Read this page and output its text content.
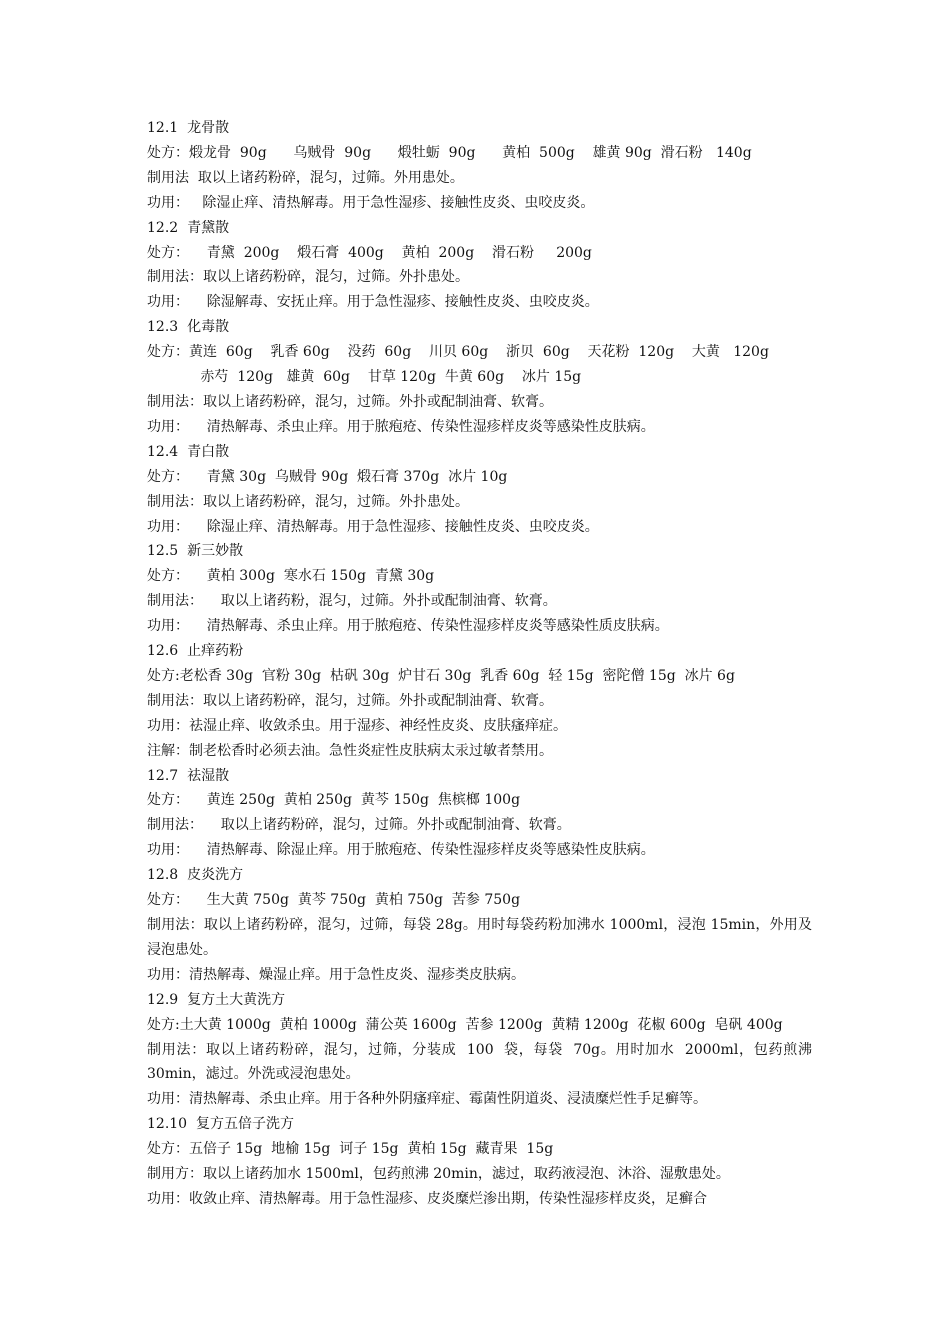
12.1  龙骨散
处方：煅龙骨  90g      乌贼骨  90g      煅牡蛎  90g      黄柏  500g    雄黄 90g  滑石粉   140g
制用法  取以上诸药粉碎，混匀，过筛。外用患处。
功用：   除湿止痒、清热解毒。用于急性湿疹、接触性皮炎、虫咬皮炎。
12.2  青黛散
处方：    青黛  200g    煅石膏  400g    黄柏  200g    滑石粉     200g
制用法：取以上诸药粉碎，混匀，过筛。外扑患处。
功用：    除湿解毒、安抚止痒。用于急性湿疹、接触性皮炎、虫咬皮炎。
12.3  化毒散
处方：黄连  60g    乳香 60g    没药  60g    川贝 60g    浙贝  60g    天花粉  120g    大黄   120g
赤芍  120g   雄黄  60g    甘草 120g  牛黄 60g    冰片 15g
制用法：取以上诸药粉碎，混匀，过筛。外扑或配制油膏、软膏。
功用：    清热解毒、杀虫止痒。用于脓疱疮、传染性湿疹样皮炎等感染性皮肤病。
12.4  青白散
处方：    青黛 30g  乌贼骨 90g  煅石膏 370g  冰片 10g
制用法：取以上诸药粉碎，混匀，过筛。外扑患处。
功用：    除湿止痒、清热解毒。用于急性湿疹、接触性皮炎、虫咬皮炎。
12.5  新三妙散
处方：    黄柏 300g  寒水石 150g  青黛 30g
制用法：    取以上诸药粉，混匀，过筛。外扑或配制油膏、软膏。
功用：    清热解毒、杀虫止痒。用于脓疱疮、传染性湿疹样皮炎等感染性质皮肤病。
12.6  止痒药粉
处方:老松香 30g  官粉 30g  枯矾 30g  炉甘石 30g  乳香 60g  轻 15g  密陀僧 15g  冰片 6g
制用法：取以上诸药粉碎，混匀，过筛。外扑或配制油膏、软膏。
功用：祛湿止痒、收敛杀虫。用于湿疹、神经性皮炎、皮肤瘙痒症。
注解：制老松香时必须去油。急性炎症性皮肤病太汞过敏者禁用。
12.7  祛湿散
处方：    黄连 250g  黄柏 250g  黄芩 150g  焦槟榔 100g
制用法：    取以上诸药粉碎，混匀，过筛。外扑或配制油膏、软膏。
功用：    清热解毒、除湿止痒。用于脓疱疮、传染性湿疹样皮炎等感染性皮肤病。
12.8  皮炎洗方
处方：    生大黄 750g  黄芩 750g  黄柏 750g  苦参 750g
制用法：取以上诸药粉碎，混匀，过筛，每袋 28g。用时每袋药粉加沸水 1000ml，浸泡 15min，外用及浸泡患处。
功用：清热解毒、燥湿止痒。用于急性皮炎、湿疹类皮肤病。
12.9  复方土大黄洗方
处方:土大黄 1000g  黄柏 1000g  蒲公英 1600g  苦参 1200g  黄精 1200g  花椒 600g  皂矾 400g
制用法：取以上诸药粉碎，混匀，过筛，分装成  100  袋，每袋  70g。用时加水  2000ml，包药煎沸 30min，滤过。外洗或浸泡患处。
功用：清热解毒、杀虫止痒。用于各种外阴瘙痒症、霉菌性阴道炎、浸渍糜烂性手足癣等。
12.10  复方五倍子洗方
处方：五倍子 15g  地榆 15g  诃子 15g  黄柏 15g  藏青果  15g
制用方：取以上诸药加水 1500ml，包药煎沸 20min，滤过，取药液浸泡、沐浴、湿敷患处。
功用：收敛止痒、清热解毒。用于急性湿疹、皮炎糜烂渗出期，传染性湿疹样皮炎，足癣合
